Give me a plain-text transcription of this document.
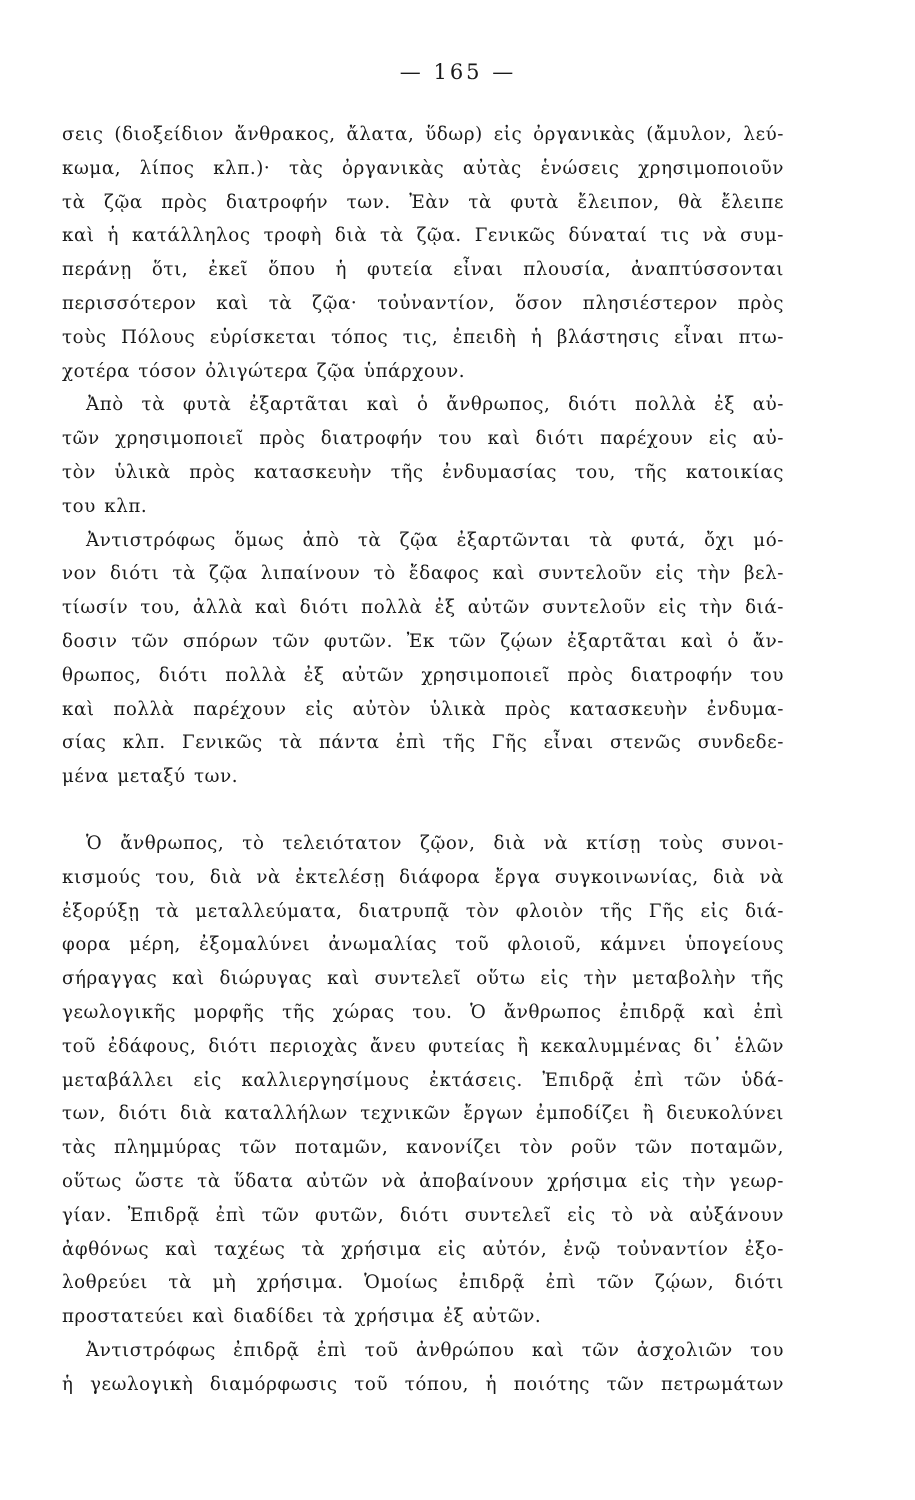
— 165 —
σεις (διοξείδιον ἄνθρακος, ἄλατα, ὕδωρ) εἰς ὀργανικὰς (ἄμυλον, λεύ-
κωμα, λίπος κλπ.)· τὰς ὀργανικὰς αὐτὰς ἑνώσεις χρησιμοποιοῦν
τὰ ζῷα πρὸς διατροφήν των. Ἐὰν τὰ φυτὰ ἔλειπον, θὰ ἔλειπε
καὶ ἡ κατάλληλος τροφὴ διὰ τὰ ζῷα. Γενικῶς δύναταί τις νὰ συμ-
περάνῃ ὅτι, ἐκεῖ ὅπου ἡ φυτεία εἶναι πλουσία, ἀναπτύσσονται
περισσότερον καὶ τὰ ζῷα· τοὐναντίον, ὅσον πλησιέστερον πρὸς
τοὺς Πόλους εὑρίσκεται τόπος τις, ἐπειδὴ ἡ βλάστησις εἶναι πτω-
χοτέρα τόσον ὀλιγώτερα ζῷα ὑπάρχουν.
Ἀπὸ τὰ φυτὰ ἐξαρτᾶται καὶ ὁ ἄνθρωπος, διότι πολλὰ ἐξ αὐ-
τῶν χρησιμοποιεῖ πρὸς διατροφήν του καὶ διότι παρέχουν εἰς αὐ-
τὸν ὑλικὰ πρὸς κατασκευὴν τῆς ἐνδυμασίας του, τῆς κατοικίας
του κλπ.
Ἀντιστρόφως ὅμως ἀπὸ τὰ ζῷα ἐξαρτῶνται τὰ φυτά, ὄχι μό-
νον διότι τὰ ζῷα λιπαίνουν τὸ ἔδαφος καὶ συντελοῦν εἰς τὴν βελ-
τίωσίν του, ἀλλὰ καὶ διότι πολλὰ ἐξ αὐτῶν συντελοῦν εἰς τὴν διά-
δοσιν τῶν σπόρων τῶν φυτῶν. Ἐκ τῶν ζῴων ἐξαρτᾶται καὶ ὁ ἄν-
θρωπος, διότι πολλὰ ἐξ αὐτῶν χρησιμοποιεῖ πρὸς διατροφήν του
καὶ πολλὰ παρέχουν εἰς αὐτὸν ὑλικὰ πρὸς κατασκευὴν ἐνδυμα-
σίας κλπ. Γενικῶς τὰ πάντα ἐπὶ τῆς Γῆς εἶναι στενῶς συνδεδε-
μένα μεταξύ των.
Ὁ ἄνθρωπος, τὸ τελειότατον ζῷον, διὰ νὰ κτίσῃ τοὺς συνοι-
κισμούς του, διὰ νὰ ἐκτελέσῃ διάφορα ἔργα συγκοινωνίας, διὰ νὰ
ἐξορύξῃ τὰ μεταλλεύματα, διατρυπᾷ τὸν φλοιὸν τῆς Γῆς εἰς διά-
φορα μέρη, ἐξομαλύνει ἀνωμαλίας τοῦ φλοιοῦ, κάμνει ὑπογείους
σήραγγας καὶ διώρυγας καὶ συντελεῖ οὕτω εἰς τὴν μεταβολὴν τῆς
γεωλογικῆς μορφῆς τῆς χώρας του. Ὁ ἄνθρωπος ἐπιδρᾷ καὶ ἐπὶ
τοῦ ἐδάφους, διότι περιοχὰς ἄνευ φυτείας ἢ κεκαλυμμένας δι᾽ ἑλῶν
μεταβάλλει εἰς καλλιεργησίμους ἐκτάσεις. Ἐπιδρᾷ ἐπὶ τῶν ὑδά-
των, διότι διὰ καταλλήλων τεχνικῶν ἔργων ἐμποδίζει ἢ διευκολύνει
τὰς πλημμύρας τῶν ποταμῶν, κανονίζει τὸν ροῦν τῶν ποταμῶν,
οὕτως ὥστε τὰ ὕδατα αὐτῶν νὰ ἀποβαίνουν χρήσιμα εἰς τὴν γεωρ-
γίαν. Ἐπιδρᾷ ἐπὶ τῶν φυτῶν, διότι συντελεῖ εἰς τὸ νὰ αὐξάνουν
ἀφθόνως καὶ ταχέως τὰ χρήσιμα εἰς αὐτόν, ἐνῷ τοὐναντίον ἐξο-
λοθρεύει τὰ μὴ χρήσιμα. Ὁμοίως ἐπιδρᾷ ἐπὶ τῶν ζῴων, διότι
προστατεύει καὶ διαδίδει τὰ χρήσιμα ἐξ αὐτῶν.
Ἀντιστρόφως ἐπιδρᾷ ἐπὶ τοῦ ἀνθρώπου καὶ τῶν ἀσχολιῶν του
ἡ γεωλογικὴ διαμόρφωσις τοῦ τόπου, ἡ ποιότης τῶν πετρωμάτων
